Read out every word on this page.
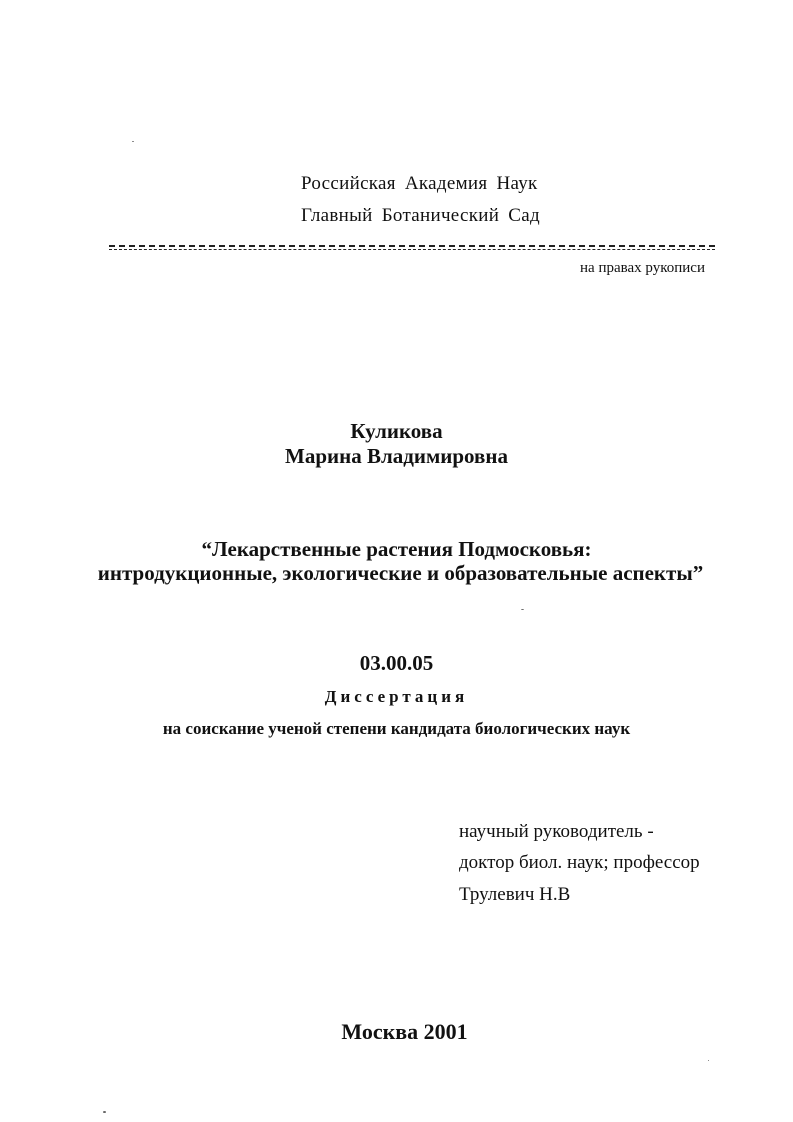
Российская Академия Наук
Главный Ботанический Сад
на правах рукописи
Куликова
Марина Владимировна
“Лекарственные растения Подмосковья:
интродукционные, экологические и образовательные аспекты”
03.00.05
Диссертация
на соискание ученой степени кандидата биологических наук
научный руководитель -
доктор биол. наук; профессор
Трулевич Н.В
Москва 2001
